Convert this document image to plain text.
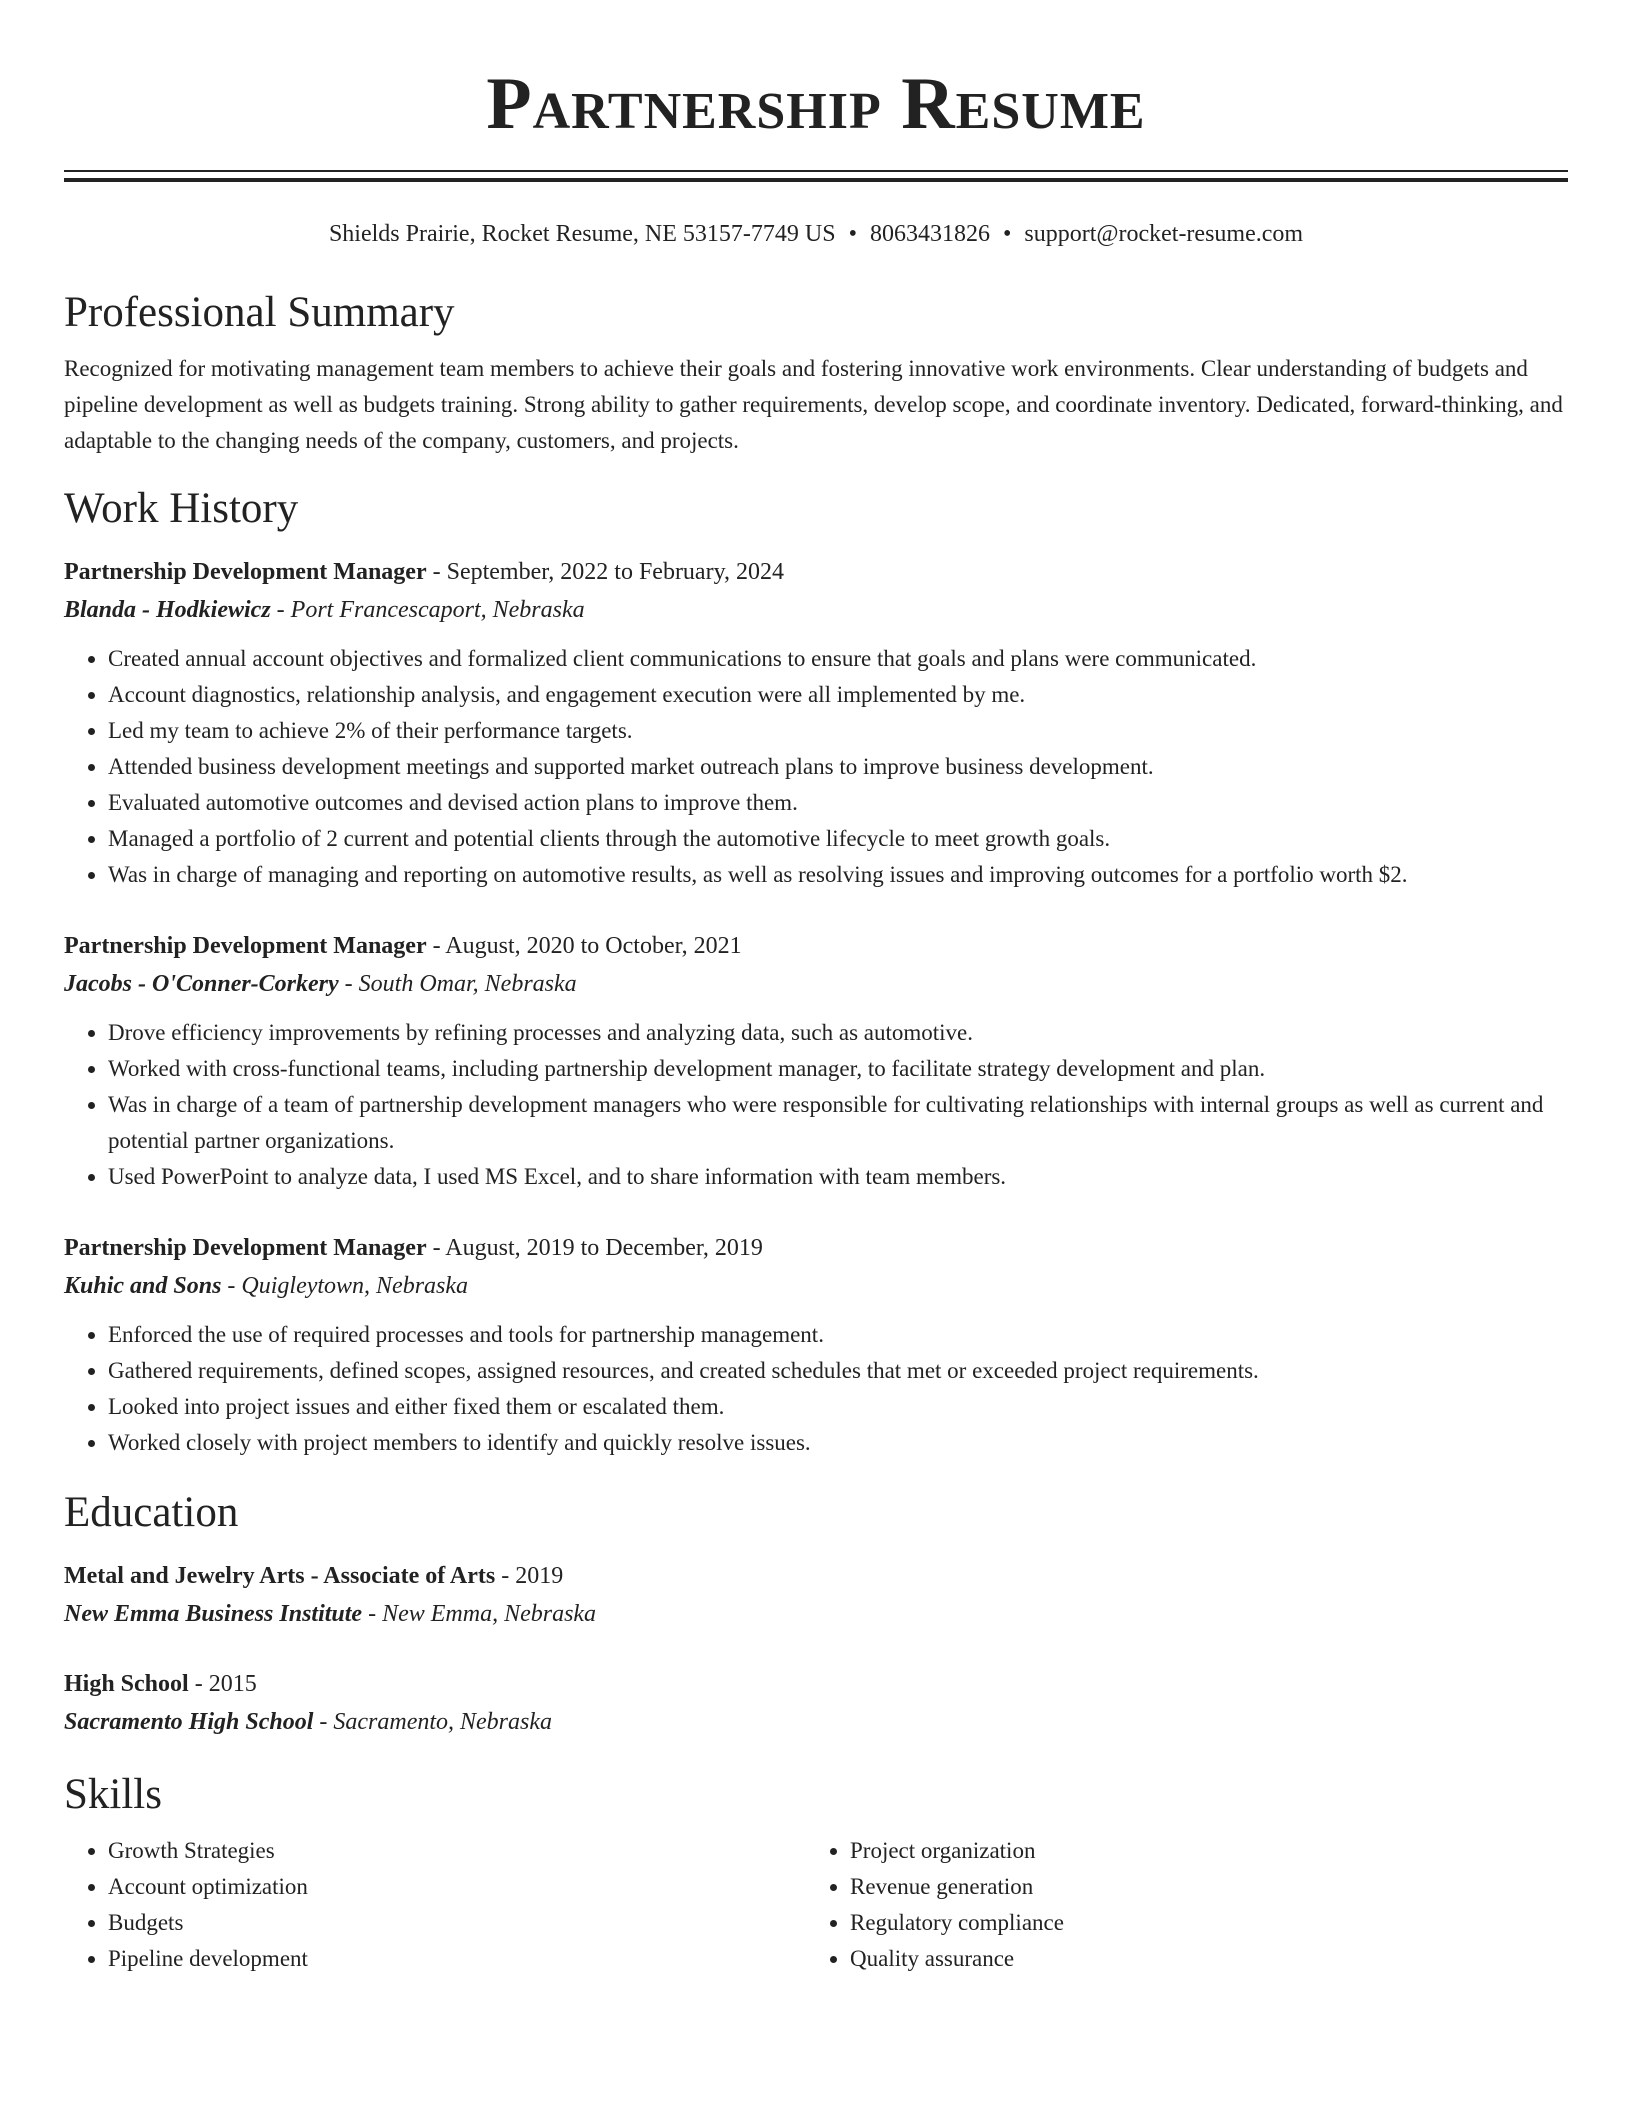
Partnership Resume
Shields Prairie, Rocket Resume, NE 53157-7749 US • 8063431826 • support@rocket-resume.com
Professional Summary

Recognized for motivating management team members to achieve their goals and fostering innovative work environments. Clear understanding of budgets and pipeline development as well as budgets training. Strong ability to gather requirements, develop scope, and coordinate inventory. Dedicated, forward-thinking, and adaptable to the changing needs of the company, customers, and projects.

Work History
Partnership Development Manager - September, 2022 to February, 2024
Blanda - Hodkiewicz - Port Francescaport, Nebraska
• Created annual account objectives and formalized client communications to ensure that goals and plans were communicated.
• Account diagnostics, relationship analysis, and engagement execution were all implemented by me.
• Led my team to achieve 2% of their performance targets.
• Attended business development meetings and supported market outreach plans to improve business development.
• Evaluated automotive outcomes and devised action plans to improve them.
• Managed a portfolio of 2 current and potential clients through the automotive lifecycle to meet growth goals.
• Was in charge of managing and reporting on automotive results, as well as resolving issues and improving outcomes for a portfolio worth $2.
Partnership Development Manager - August, 2020 to October, 2021
Jacobs - O'Conner-Corkery - South Omar, Nebraska
• Drove efficiency improvements by refining processes and analyzing data, such as automotive.
• Worked with cross-functional teams, including partnership development manager, to facilitate strategy development and plan.
• Was in charge of a team of partnership development managers who were responsible for cultivating relationships with internal groups as well as current and potential partner organizations.
• Used PowerPoint to analyze data, I used MS Excel, and to share information with team members.
Partnership Development Manager - August, 2019 to December, 2019
Kuhic and Sons - Quigleytown, Nebraska
• Enforced the use of required processes and tools for partnership management.
• Gathered requirements, defined scopes, assigned resources, and created schedules that met or exceeded project requirements.
• Looked into project issues and either fixed them or escalated them.
• Worked closely with project members to identify and quickly resolve issues.
Education
Metal and Jewelry Arts - Associate of Arts - 2019
New Emma Business Institute - New Emma, Nebraska
High School - 2015
Sacramento High School - Sacramento, Nebraska
Skills
• Growth Strategies
• Account optimization
• Budgets
• Pipeline development
• Project organization
• Revenue generation
• Regulatory compliance
• Quality assurance
